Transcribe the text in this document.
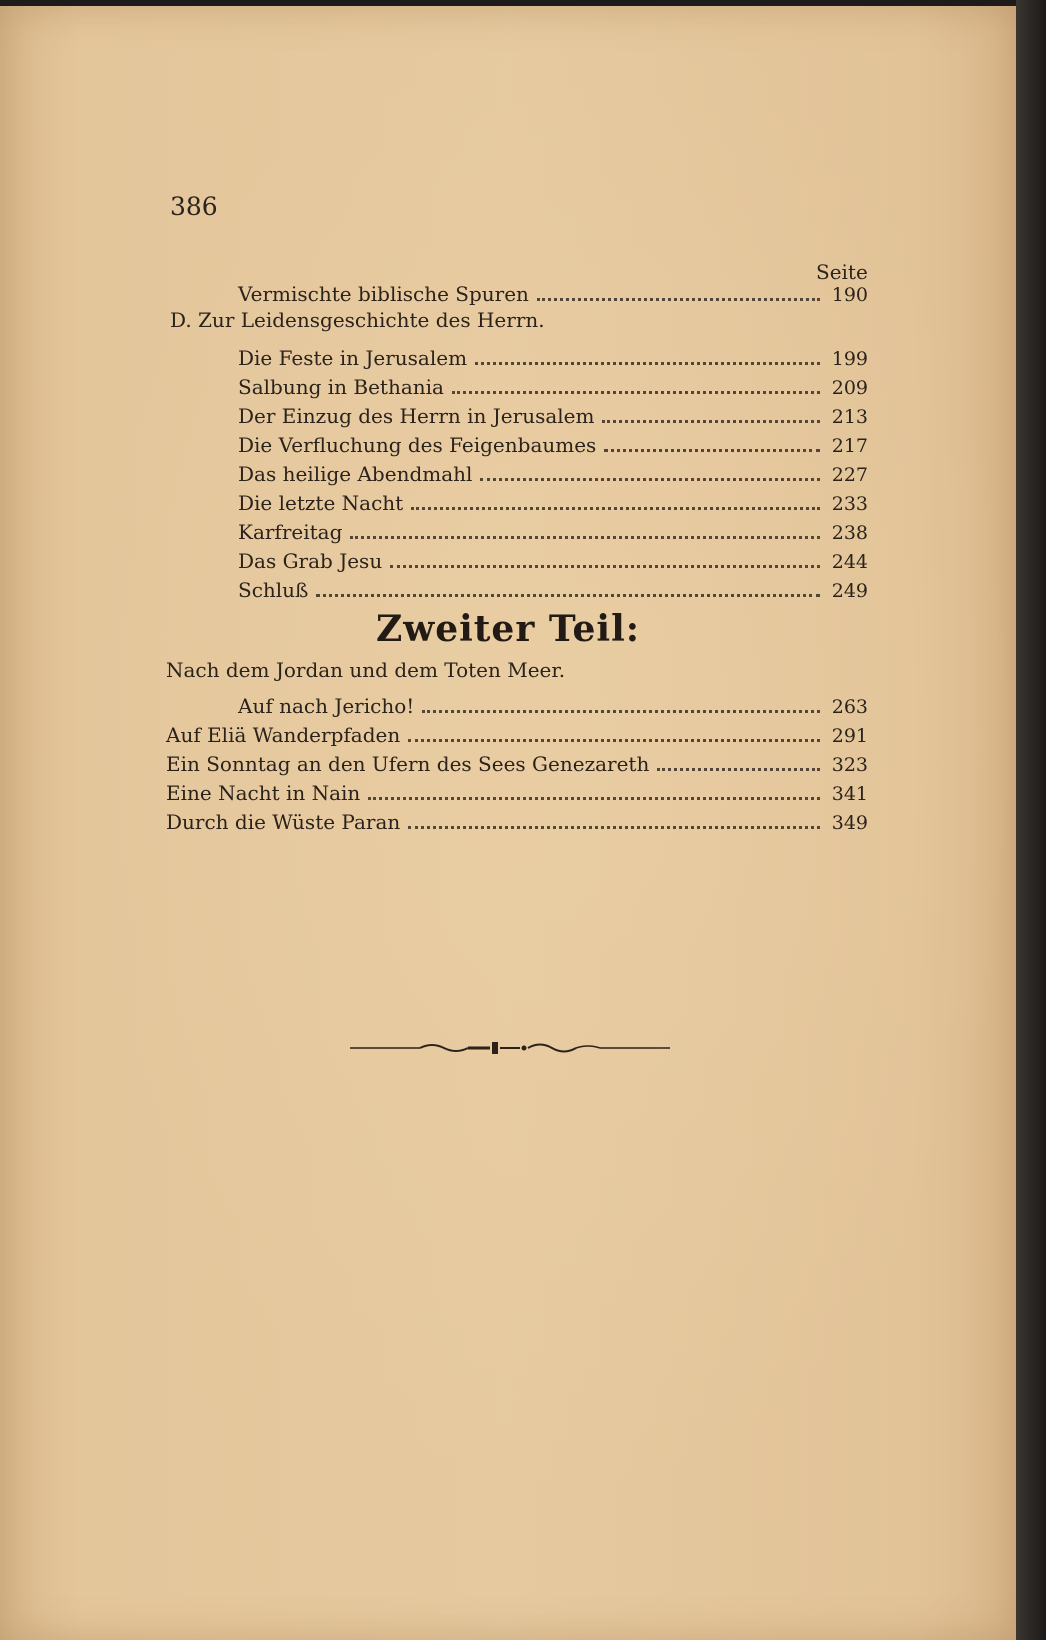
386
Seite
Vermischte biblische Spuren	190
D. Zur Leidensgeschichte des Herrn.
Die Feste in Jerusalem	199
Salbung in Bethania	209
Der Einzug des Herrn in Jerusalem	213
Die Verfluchung des Feigenbaumes	217
Das heilige Abendmahl	227
Die letzte Nacht	233
Karfreitag	238
Das Grab Jesu	244
Schluß	249
Zweiter Teil:
Nach dem Jordan und dem Toten Meer.
Auf nach Jericho!	263
Auf Eliä Wanderpfaden	291
Ein Sonntag an den Ufern des Sees Genezareth	323
Eine Nacht in Nain	341
Durch die Wüste Paran	349
